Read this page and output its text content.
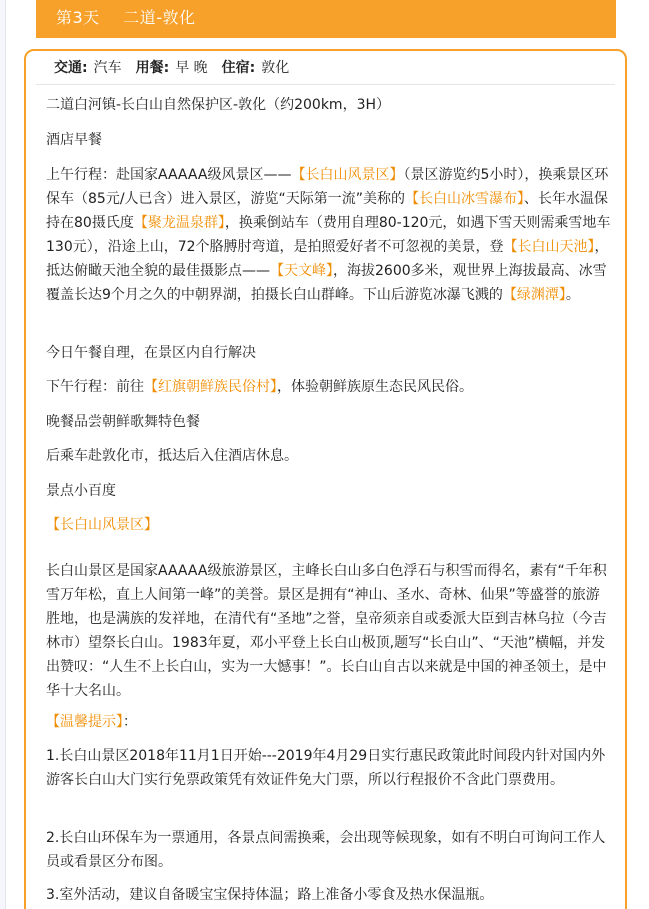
第3天 二道-敦化
交通: 汽车 用餐: 早 晚 住宿: 敦化

二道白河镇-长白山自然保护区-敦化（约200km，3H）

酒店早餐

上午行程：赴国家AAAAA级风景区——【长白山风景区】（景区游览约5小时），换乘景区环保车（85元/人已含）进入景区，游览“天际第一流”美称的【长白山冰雪瀑布】、长年水温保持在80摄氏度【聚龙温泉群】，换乘倒站车（费用自理80-120元，如遇下雪天则需乘雪地车130元），沿途上山，72个胳膊肘弯道，是拍照爱好者不可忽视的美景，登【长白山天池】，抵达俯瞰天池全貌的最佳摄影点——【天文峰】，海拔2600多米，观世界上海拔最高、冰雪覆盖长达9个月之久的中朝界湖，拍摄长白山群峰。下山后游览冰瀑飞溅的【绿渊潭】。

今日午餐自理，在景区内自行解决

下午行程：前往【红旗朝鲜族民俗村】，体验朝鲜族原生态民风民俗。

晚餐品尝朝鲜歌舞特色餐

后乘车赴敦化市，抵达后入住酒店休息。

景点小百度

【长白山风景区】

长白山景区是国家AAAAA级旅游景区，主峰长白山多白色浮石与积雪而得名，素有“千年积雪万年松，直上人间第一峰”的美誉。景区是拥有“神山、圣水、奇林、仙果”等盛誉的旅游胜地，也是满族的发祥地，在清代有“圣地”之誉，皇帝须亲自或委派大臣到吉林乌拉（今吉林市）望祭长白山。1983年夏，邓小平登上长白山极顶,题写“长白山”、“天池”横幅，并发出赞叹：“人生不上长白山，实为一大憾事！”。长白山自古以来就是中国的神圣领土，是中华十大名山。

【温馨提示】：

1.长白山景区2018年11月1日开始---2019年4月29日实行惠民政策此时间段内针对国内外游客长白山大门实行免票政策凭有效证件免大门票，所以行程报价不含此门票费用。

2.长白山环保车为一票通用，各景点间需换乘，会出现等候现象，如有不明白可询问工作人员或看景区分布图。

3.室外活动，建议自备暖宝宝保持体温；路上准备小零食及热水保温瓶。
